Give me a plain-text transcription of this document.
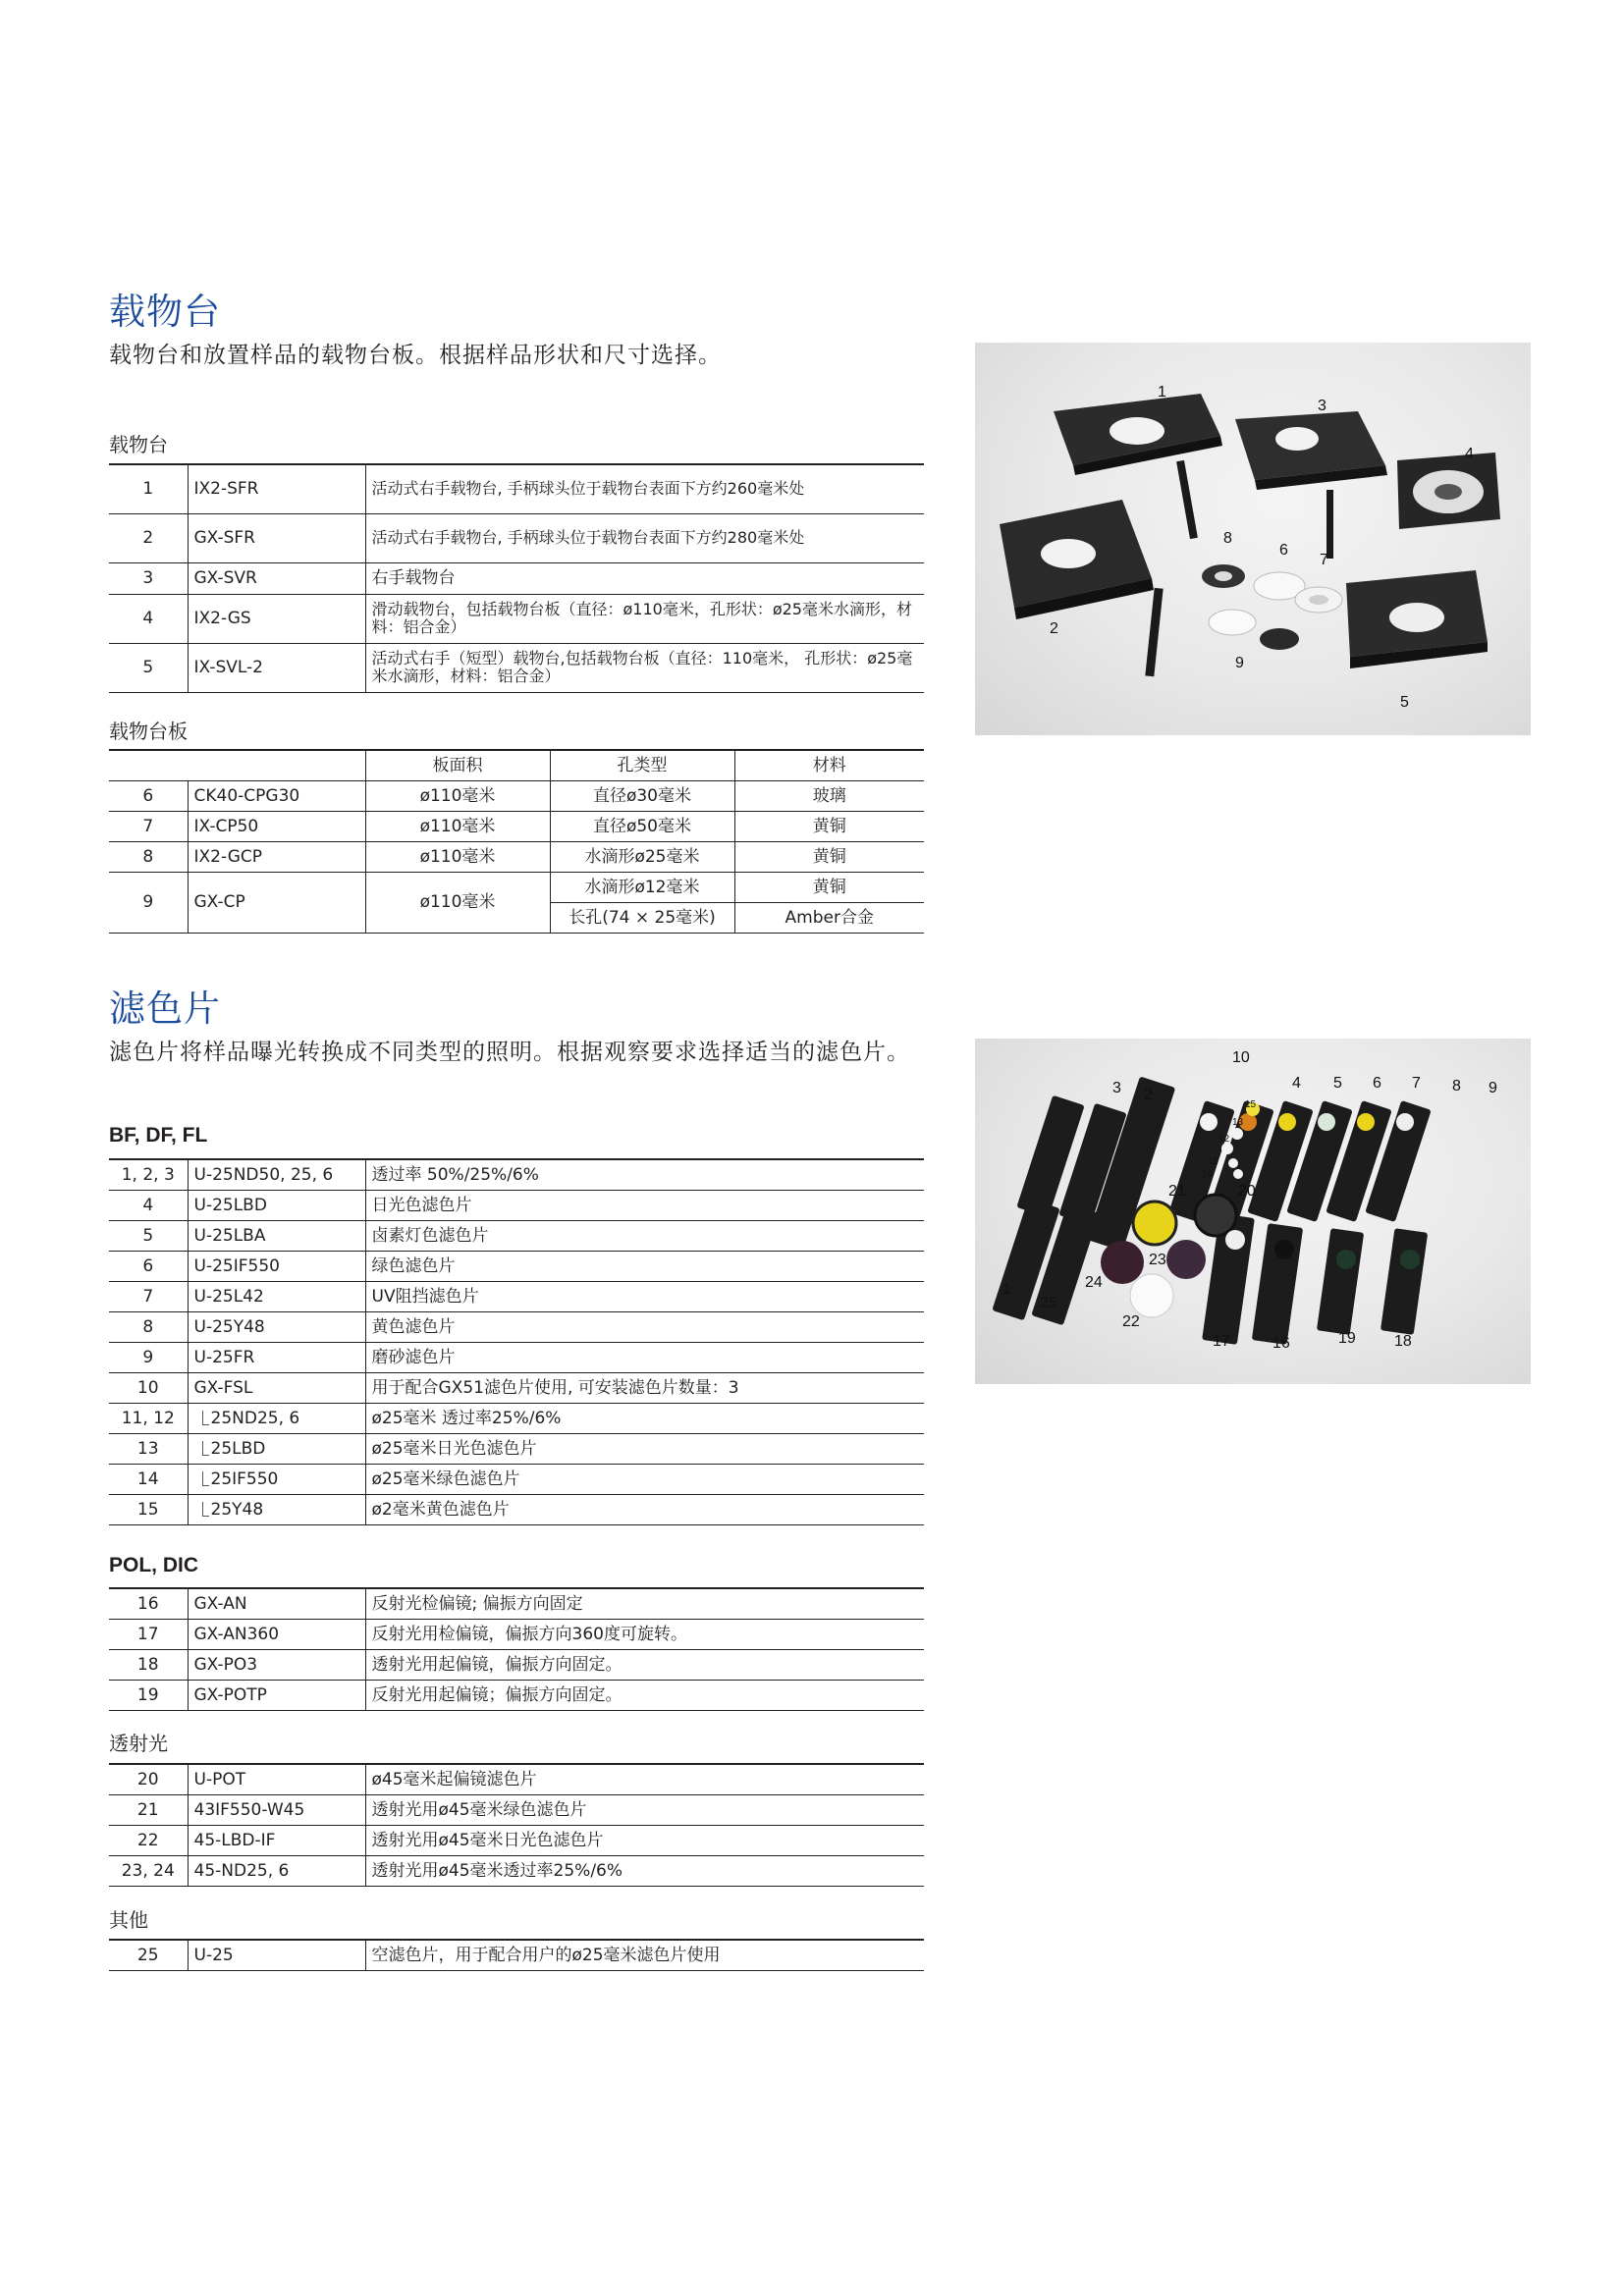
载物台
载物台和放置样品的载物台板。根据样品形状和尺寸选择。
载物台
1	IX2-SFR	活动式右手载物台, 手柄球头位于载物台表面下方约260毫米处
2	GX-SFR	活动式右手载物台, 手柄球头位于载物台表面下方约280毫米处
3	GX-SVR	右手载物台
4	IX2-GS	滑动载物台，包括载物台板（直径：ø110毫米，孔形状：ø25毫米水滴形，材料：铝合金）
5	IX-SVL-2	活动式右手（短型）载物台,包括载物台板（直径：110毫米， 孔形状：ø25毫米水滴形，材料：铝合金）
载物台板
		板面积	孔类型	材料
6	CK40-CPG30	ø110毫米	直径ø30毫米	玻璃
7	IX-CP50	ø110毫米	直径ø50毫米	黄铜
8	IX2-GCP	ø110毫米	水滴形ø25毫米	黄铜
9	GX-CP	ø110毫米	水滴形ø12毫米	黄铜
			长孔(74 × 25毫米)	Amber合金
1
2
3
4
5
6
7
8
9
滤色片
滤色片将样品曝光转换成不同类型的照明。根据观察要求选择适当的滤色片。
BF, DF, FL
1, 2, 3	U-25ND50, 25, 6	透过率 50%/25%/6%
4	U-25LBD	日光色滤色片
5	U-25LBA	卤素灯色滤色片
6	U-25IF550	绿色滤色片
7	U-25L42	UV阻挡滤色片
8	U-25Y48	黄色滤色片
9	U-25FR	磨砂滤色片
10	GX-FSL	用于配合GX51滤色片使用, 可安装滤色片数量：3
11, 12	25ND25, 6	ø25毫米 透过率25%/6%
13	25LBD	ø25毫米日光色滤色片
14	25IF550	ø25毫米绿色滤色片
15	25Y48	ø2毫米黄色滤色片
POL, DIC
16	GX-AN	反射光检偏镜; 偏振方向固定
17	GX-AN360	反射光用检偏镜，偏振方向360度可旋转。
18	GX-PO3	透射光用起偏镜，偏振方向固定。
19	GX-POTP	反射光用起偏镜；偏振方向固定。
透射光
20	U-POT	ø45毫米起偏镜滤色片
21	43IF550-W45	透射光用ø45毫米绿色滤色片
22	45-LBD-IF	透射光用ø45毫米日光色滤色片
23, 24	45-ND25, 6	透射光用ø45毫米透过率25%/6%
其他
25	U-25	空滤色片，用于配合用户的ø25毫米滤色片使用
1
2
3	4 5 6 7 8 9
10
11
12
13
14
15
16
17	18
19
20
21
22
23
24
25
